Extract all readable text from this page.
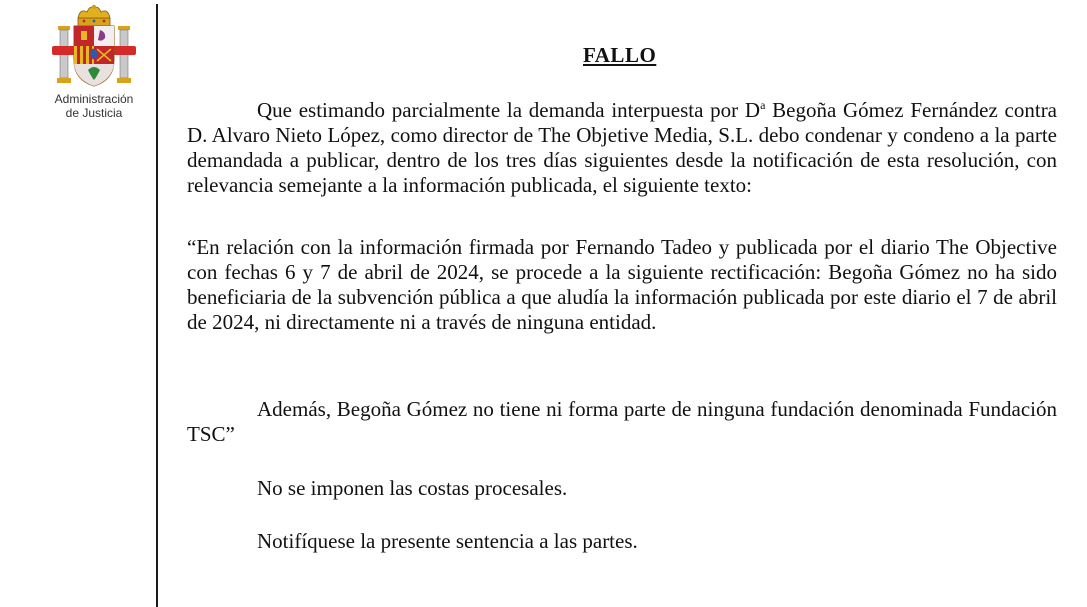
Administración
de Justicia
FALLO

Que estimando parcialmente la demanda interpuesta por $D^a$ Begoña Gómez Fernández contra D. Alvaro Nieto López, como director de The Objetive Media, S.L. debo condenar y condeno a la parte demandada a publicar, dentro de los tres días siguientes desde la notificación de esta resolución, con relevancia semejante a la información publicada, el siguiente texto:

“En relación con la información firmada por Fernando Tadeo y publicada por el diario The Objective con fechas 6 y 7 de abril de 2024, se procede a la siguiente rectificación: Begoña Gómez no ha sido beneficiaria de la subvención pública a que aludía la información publicada por este diario el 7 de abril de 2024, ni directamente ni a través de ninguna entidad.

Además, Begoña Gómez no tiene ni forma parte de ninguna fundación denominada Fundación TSC”

No se imponen las costas procesales.

Notifíquese la presente sentencia a las partes.
